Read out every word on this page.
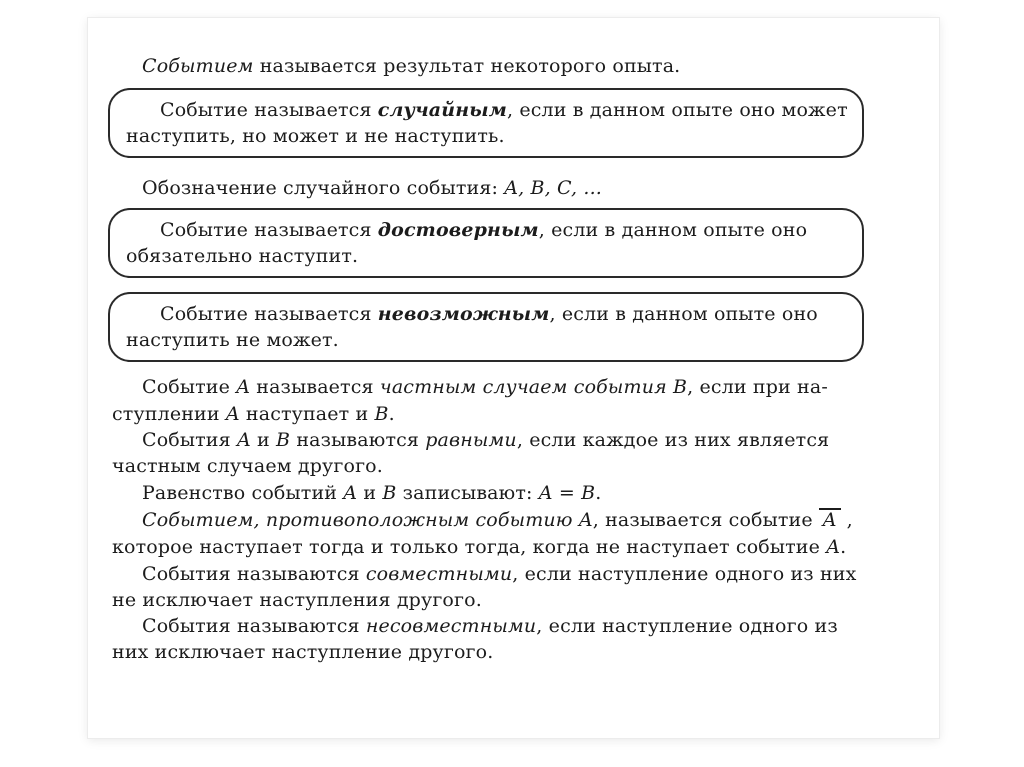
Событием называется результат некоторого опыта.
Событие называется случайным, если в данном опыте оно может
наступить, но может и не наступить.
Обозначение случайного события: A, B, C, ...
Событие называется достоверным, если в данном опыте оно
обязательно наступит.
Событие называется невозможным, если в данном опыте оно
наступить не может.
Событие A называется частным случаем события B, если при на-
ступлении A наступает и B.
События A и B называются равными, если каждое из них является
частным случаем другого.
Равенство событий A и B записывают: A = B.
Событием, противоположным событию A, называется событие A ,
которое наступает тогда и только тогда, когда не наступает событие A.
События называются совместными, если наступление одного из них
не исключает наступления другого.
События называются несовместными, если наступление одного из
них исключает наступление другого.
